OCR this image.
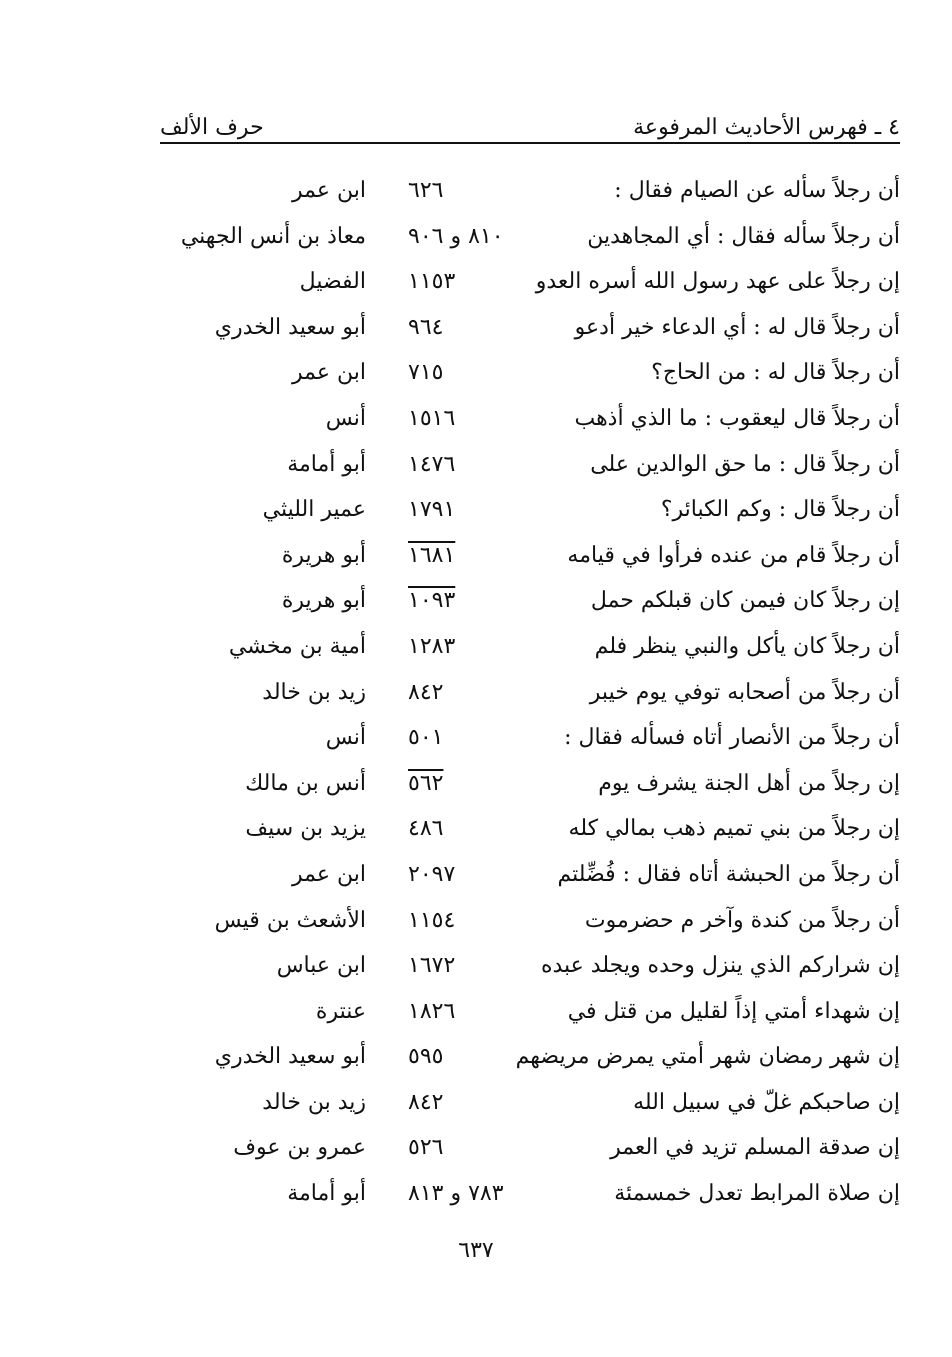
٤ ـ فهرس الأحاديث المرفوعة
حرف الألف
أن رجلاً سأله عن الصيام فقال :
٦٢٦
ابن عمر
أن رجلاً سأله فقال : أي المجاهدين
٨١٠ و ٩٠٦
معاذ بن أنس الجهني
إن رجلاً على عهد رسول الله أسره العدو
١١٥٣
الفضيل
أن رجلاً قال له : أي الدعاء خير أدعو
٩٦٤
أبو سعيد الخدري
أن رجلاً قال له : من الحاج؟
٧١٥
ابن عمر
أن رجلاً قال ليعقوب : ما الذي أذهب
١٥١٦
أنس
أن رجلاً قال : ما حق الوالدين على
١٤٧٦
أبو أمامة
أن رجلاً قال : وكم الكبائر؟
١٧٩١
عمير الليثي
أن رجلاً قام من عنده فرأوا في قيامه
١٦٨١
أبو هريرة
إن رجلاً كان فيمن كان قبلكم حمل
١٠٩٣
أبو هريرة
أن رجلاً كان يأكل والنبي ينظر فلم
١٢٨٣
أمية بن مخشي
أن رجلاً من أصحابه توفي يوم خيبر
٨٤٢
زيد بن خالد
أن رجلاً من الأنصار أتاه فسأله فقال :
٥٠١
أنس
إن رجلاً من أهل الجنة يشرف يوم
٥٦٢
أنس بن مالك
إن رجلاً من بني تميم ذهب بمالي كله
٤٨٦
يزيد بن سيف
أن رجلاً من الحبشة أتاه فقال : فُضِّلتم
٢٠٩٧
ابن عمر
أن رجلاً من كندة وآخر م حضرموت
١١٥٤
الأشعث بن قيس
إن شراركم الذي ينزل وحده ويجلد عبده
١٦٧٢
ابن عباس
إن شهداء أمتي إذاً لقليل من قتل في
١٨٢٦
عنترة
إن شهر رمضان شهر أمتي يمرض مريضهم
٥٩٥
أبو سعيد الخدري
إن صاحبكم غلّ في سبيل الله
٨٤٢
زيد بن خالد
إن صدقة المسلم تزيد في العمر
٥٢٦
عمرو بن عوف
إن صلاة المرابط تعدل خمسمئة
٧٨٣ و ٨١٣
أبو أمامة
٦٣٧
